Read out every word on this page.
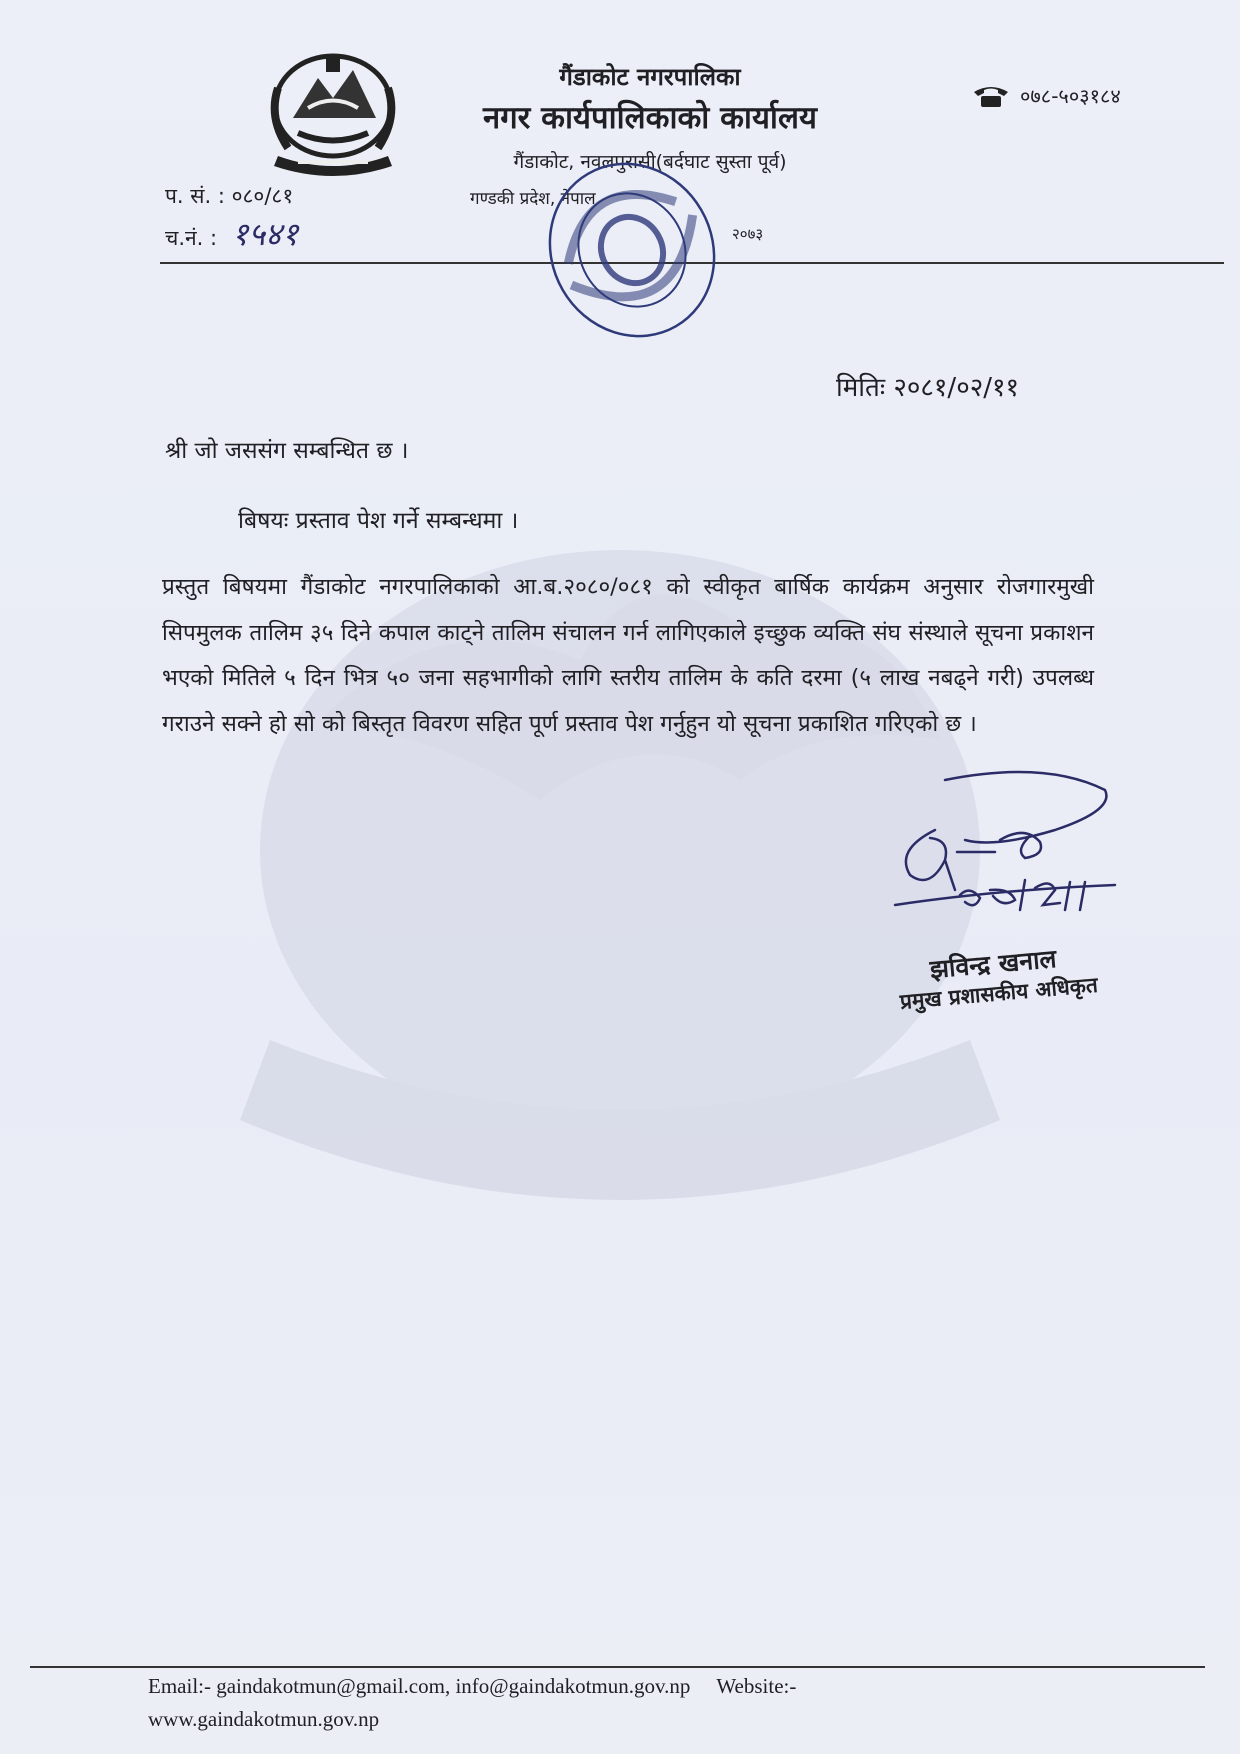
गैंडाकोट नगरपालिका
नगर कार्यपालिकाको कार्यालय
गैंडाकोट, नवलपुरासी(बर्दघाट सुस्ता पूर्व)
गण्डकी प्रदेश, नेपाल
२०७३
०७८-५०३१८४
प. सं. : ०८०/८१
च.नं. : १५४१
मितिः २०८१/०२/११
श्री जो जससंग सम्बन्धित छ ।
बिषयः प्रस्ताव पेश गर्ने सम्बन्धमा ।
प्रस्तुत बिषयमा गैंडाकोट नगरपालिकाको आ.ब.२०८०/०८१ को स्वीकृत बार्षिक कार्यक्रम अनुसार रोजगारमुखी सिपमुलक तालिम ३५ दिने कपाल काट्ने तालिम संचालन गर्न लागिएकाले इच्छुक व्यक्ति संघ संस्थाले सूचना प्रकाशन भएको मितिले ५ दिन भित्र ५० जना सहभागीको लागि स्तरीय तालिम के कति दरमा (५ लाख नबढ्ने गरी) उपलब्ध गराउने सक्ने हो सो को बिस्तृत विवरण सहित पूर्ण प्रस्ताव पेश गर्नुहुन यो सूचना प्रकाशित गरिएको छ ।
झविन्द्र खनाल
प्रमुख प्रशासकीय अधिकृत
Email:- gaindakotmun@gmail.com, info@gaindakotmun.gov.np Website:-
www.gaindakotmun.gov.np
